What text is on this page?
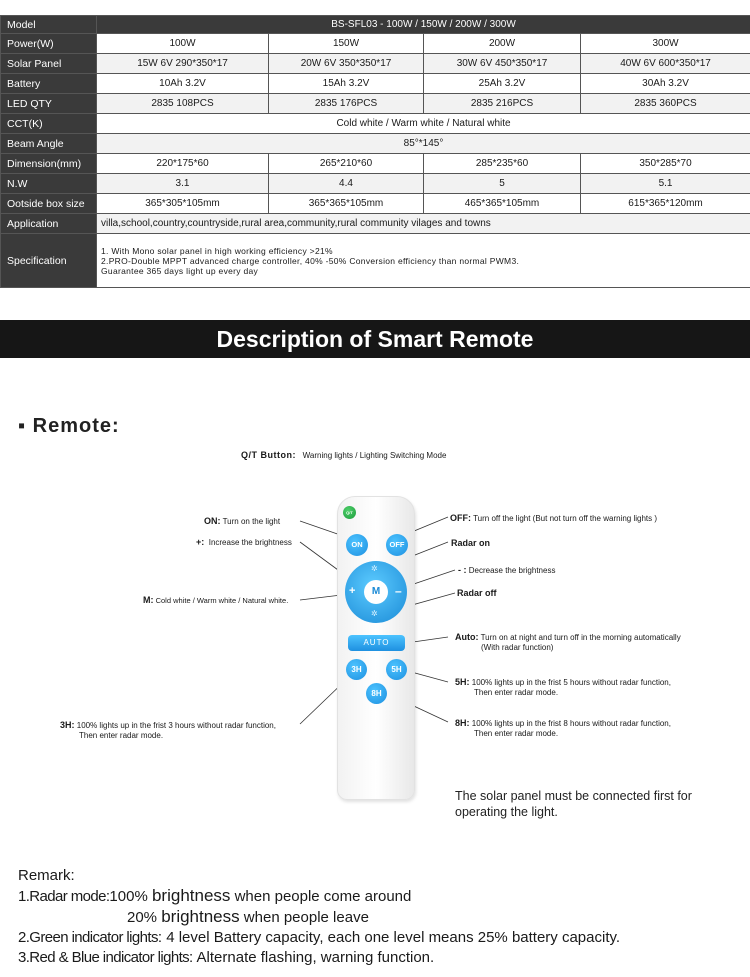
Model	BS-SFL03 - 100W / 150W / 200W / 300W			
Power(W)	100W	150W	200W	300W
Solar Panel	15W 6V 290*350*17	20W 6V 350*350*17	30W 6V 450*350*17	40W 6V 600*350*17
Battery	10Ah 3.2V	15Ah 3.2V	25Ah 3.2V	30Ah 3.2V
LED QTY	2835 108PCS	2835 176PCS	2835 216PCS	2835 360PCS
CCT(K)	Cold white / Warm white / Natural white			
Beam Angle	85°*145°			
Dimension(mm)	220*175*60	265*210*60	285*235*60	350*285*70
N.W	3.1	4.4	5	5.1
Ootside box size	365*305*105mm	365*365*105mm	465*365*105mm	615*365*120mm
Application	villa,school,country,countryside,rural area,community,rural community vilages and towns			
Specification	1. With Mono solar panel in high working efficiency >21%
2.PRO-Double MPPT advanced charge controller, 40% -50% Conversion efficiency than normal PWM3.
Guarantee 365 days light up every day			
Description of Smart Remote
▪ Remote:
Q/T
ON	OFF
✲
✲
+	–
M
AUTO
3H	5H
8H
Q/T Button: Warning lights / Lighting Switching Mode
ON: Turn on the light	OFF: Turn off the light (But not turn off the warning lights )
+: Increase the brightness	Radar on
- : Decrease the brightness
Radar off
M: Cold white / Warm white / Natural white.
Auto: Turn on at night and turn off in the morning automatically
(With radar function)
5H: 100% lights up in the frist 5 hours without radar function,
Then enter radar mode.
8H: 100% lights up in the frist 8 hours without radar function,
Then enter radar mode.
3H: 100% lights up in the frist 3 hours without radar function,
Then enter radar mode.
The solar panel must be connected first for
operating the light.
Remark:
1.Radar mode:100% brightness when people come around
20% brightness when people leave
2.Green indicator lights: 4 level Battery capacity, each one level means 25% battery capacity.
3.Red & Blue indicator lights: Alternate flashing, warning function.
